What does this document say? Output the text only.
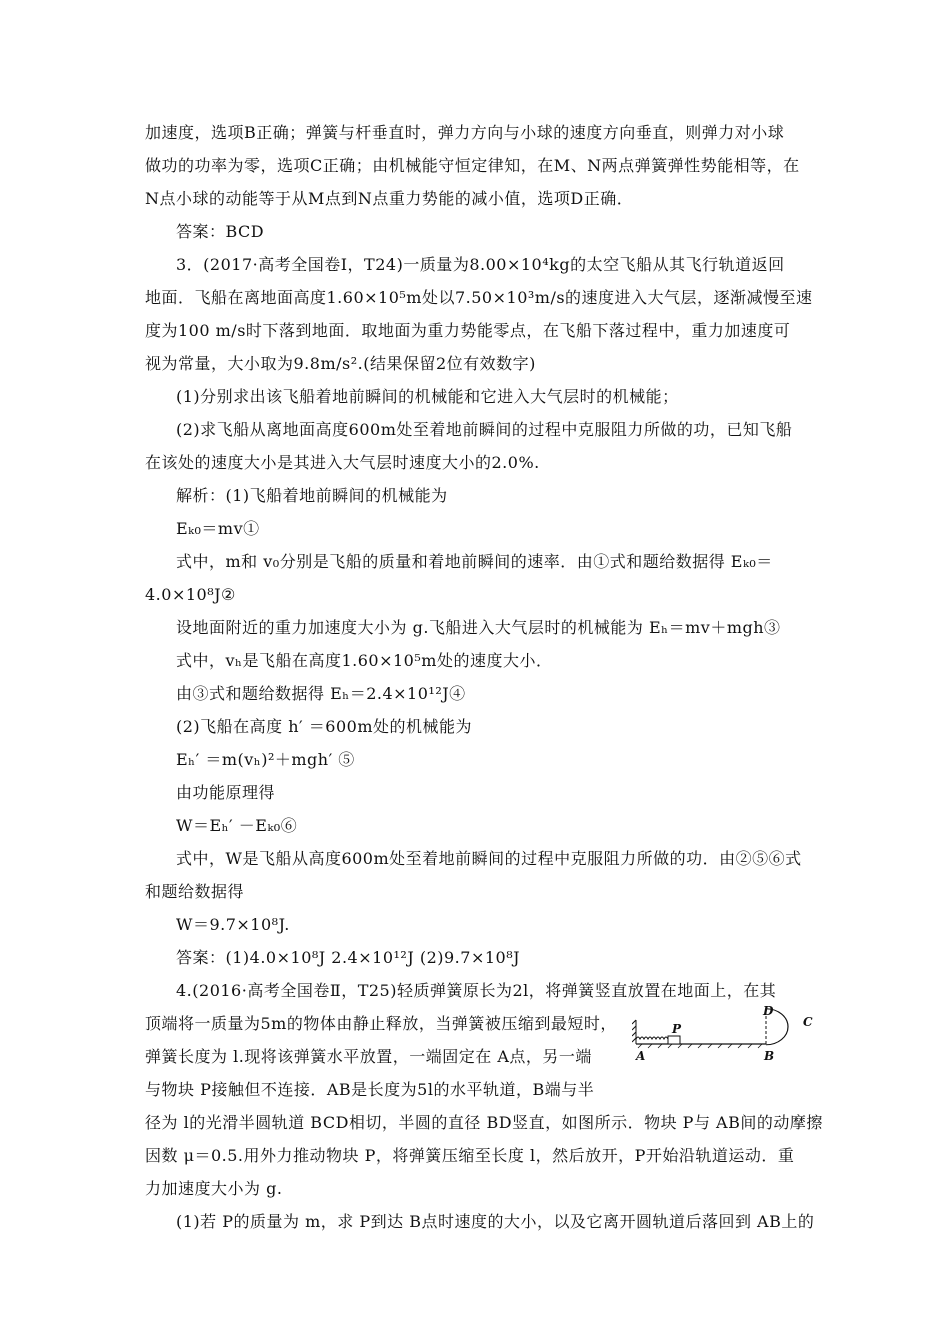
加速度，选项B正确；弹簧与杆垂直时，弹力方向与小球的速度方向垂直，则弹力对小球
做功的功率为零，选项C正确；由机械能守恒定律知，在M、N两点弹簧弹性势能相等，在
N点小球的动能等于从M点到N点重力势能的减小值，选项D正确．
答案：BCD
3．(2017·高考全国卷Ⅰ，T24)一质量为8.00×10⁴kg的太空飞船从其飞行轨道返回
地面．飞船在离地面高度1.60×10⁵m处以7.50×10³m/s的速度进入大气层，逐渐减慢至速
度为100 m/s时下落到地面．取地面为重力势能零点，在飞船下落过程中，重力加速度可
视为常量，大小取为9.8m/s².(结果保留2位有效数字)
(1)分别求出该飞船着地前瞬间的机械能和它进入大气层时的机械能；
(2)求飞船从离地面高度600m处至着地前瞬间的过程中克服阻力所做的功，已知飞船
在该处的速度大小是其进入大气层时速度大小的2.0%.
解析：(1)飞船着地前瞬间的机械能为
Eₖ₀＝mv①
式中，m和 v₀分别是飞船的质量和着地前瞬间的速率．由①式和题给数据得 Eₖ₀＝
4.0×10⁸J②
设地面附近的重力加速度大小为 g.飞船进入大气层时的机械能为 Eₕ＝mv＋mgh③
式中，vₕ是飞船在高度1.60×10⁵m处的速度大小．
由③式和题给数据得 Eₕ＝2.4×10¹²J④
(2)飞船在高度 h′ ＝600m处的机械能为
Eₕ′ ＝m(vₕ)²＋mgh′ ⑤
由功能原理得
W＝Eₕ′ －Eₖ₀⑥
式中，W是飞船从高度600m处至着地前瞬间的过程中克服阻力所做的功．由②⑤⑥式
和题给数据得
W＝9.7×10⁸J.
答案：(1)4.0×10⁸J 2.4×10¹²J (2)9.7×10⁸J
4.(2016·高考全国卷Ⅱ，T25)轻质弹簧原长为2l，将弹簧竖直放置在地面上，在其
顶端将一质量为5m的物体由静止释放，当弹簧被压缩到最短时，
弹簧长度为 l.现将该弹簧水平放置，一端固定在 A点，另一端
与物块 P接触但不连接．AB是长度为5l的水平轨道，B端与半
径为 l的光滑半圆轨道 BCD相切，半圆的直径 BD竖直，如图所示．物块 P与 AB间的动摩擦
因数 μ＝0.5.用外力推动物块 P，将弹簧压缩至长度 l，然后放开，P开始沿轨道运动．重
力加速度大小为 g.
(1)若 P的质量为 m，求 P到达 B点时速度的大小，以及它离开圆轨道后落回到 AB上的
A
P
B
C
D
